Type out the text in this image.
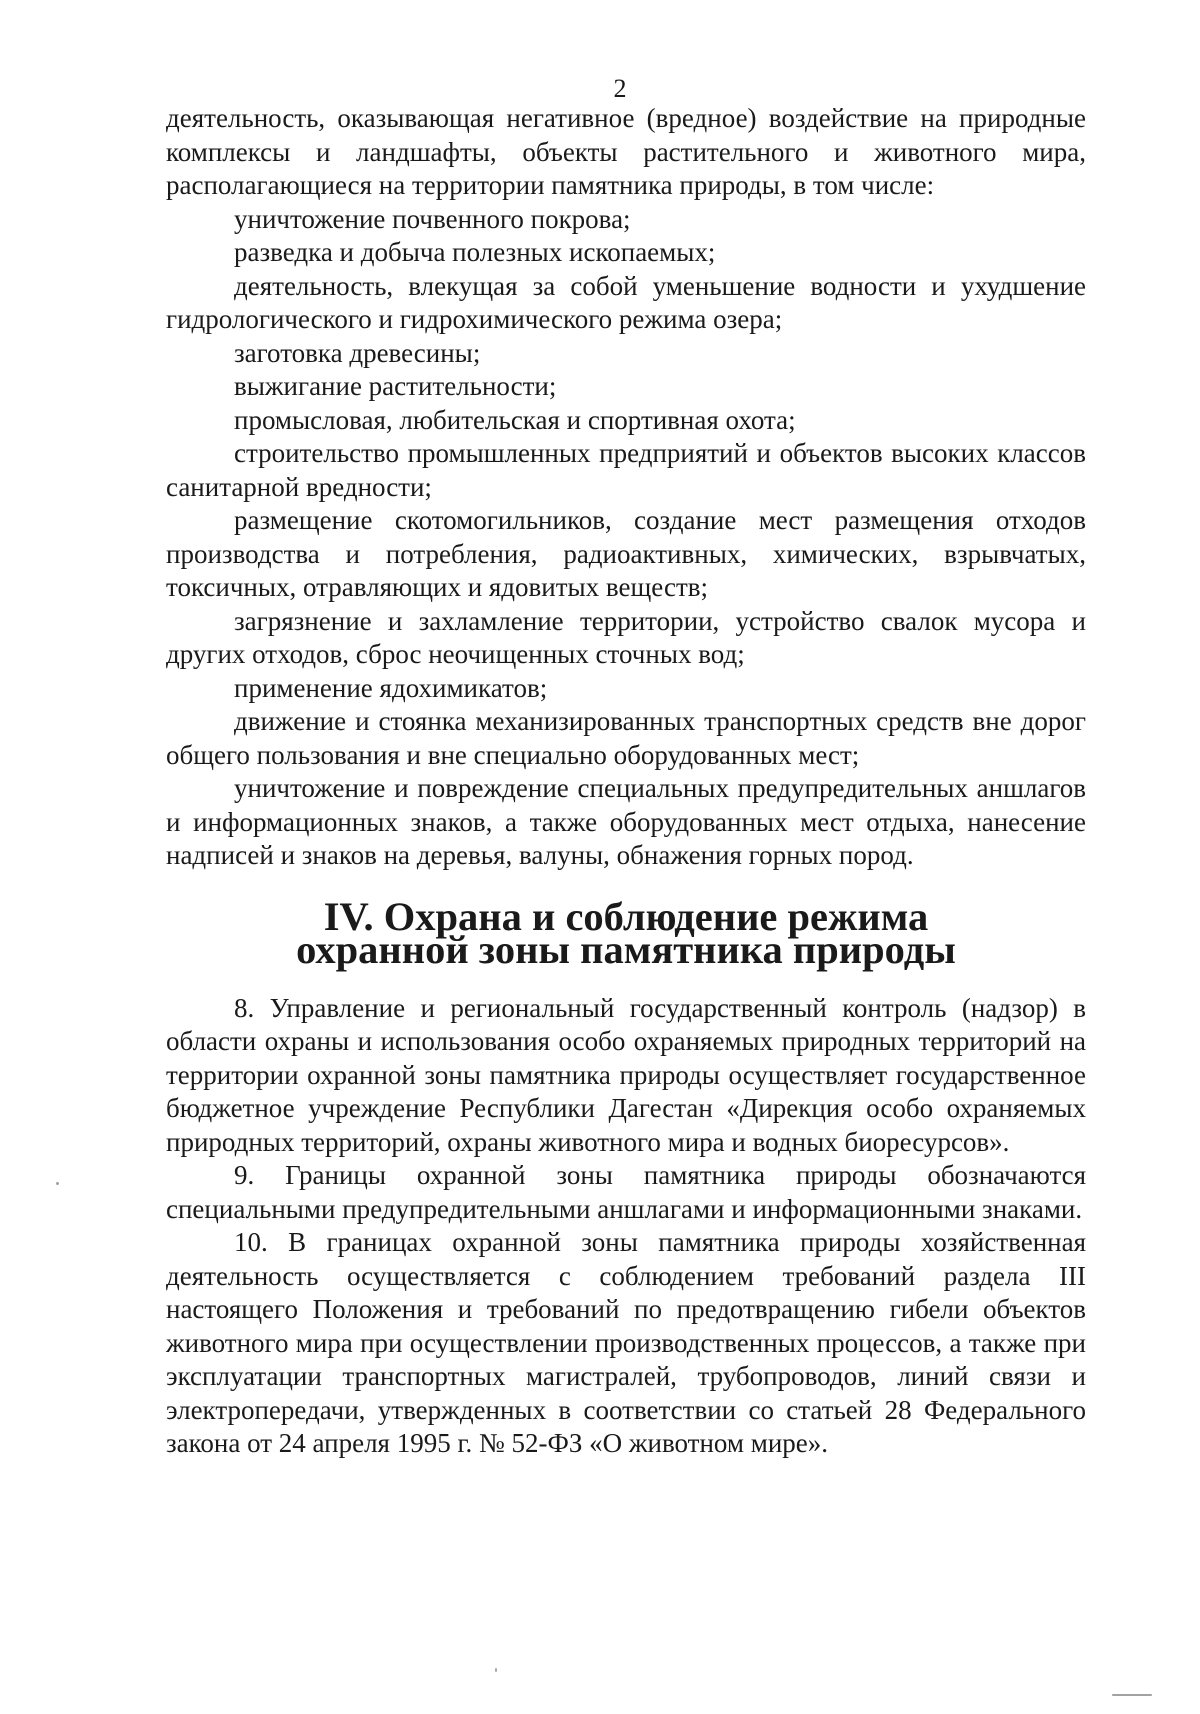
2

деятельность, оказывающая негативное (вредное) воздействие на природные комплексы и ландшафты, объекты растительного и животного мира, располагающиеся на территории памятника природы, в том числе:

уничтожение почвенного покрова;

разведка и добыча полезных ископаемых;

деятельность, влекущая за собой уменьшение водности и ухудшение гидрологического и гидрохимического режима озера;

заготовка древесины;

выжигание растительности;

промысловая, любительская и спортивная охота;

строительство промышленных предприятий и объектов высоких классов санитарной вредности;

размещение скотомогильников, создание мест размещения отходов производства и потребления, радиоактивных, химических, взрывчатых, токсичных, отравляющих и ядовитых веществ;

загрязнение и захламление территории, устройство свалок мусора и других отходов, сброс неочищенных сточных вод;

применение ядохимикатов;

движение и стоянка механизированных транспортных средств вне дорог общего пользования и вне специально оборудованных мест;

уничтожение и повреждение специальных предупредительных аншлагов и информационных знаков, а также оборудованных мест отдыха, нанесение надписей и знаков на деревья, валуны, обнажения горных пород.

IV. Охрана и соблюдение режима
охранной зоны памятника природы

8. Управление и региональный государственный контроль (надзор) в области охраны и использования особо охраняемых природных территорий на территории охранной зоны памятника природы осуществляет государственное бюджетное учреждение Республики Дагестан «Дирекция особо охраняемых природных территорий, охраны животного мира и водных биоресурсов».

9. Границы охранной зоны памятника природы обозначаются специальными предупредительными аншлагами и информационными знаками.

10. В границах охранной зоны памятника природы хозяйственная деятельность осуществляется с соблюдением требований раздела III настоящего Положения и требований по предотвращению гибели объектов животного мира при осуществлении производственных процессов, а также при эксплуатации транспортных магистралей, трубопроводов, линий связи и электропередачи, утвержденных в соответствии со статьей 28 Федерального закона от 24 апреля 1995 г. № 52-ФЗ «О животном мире».
